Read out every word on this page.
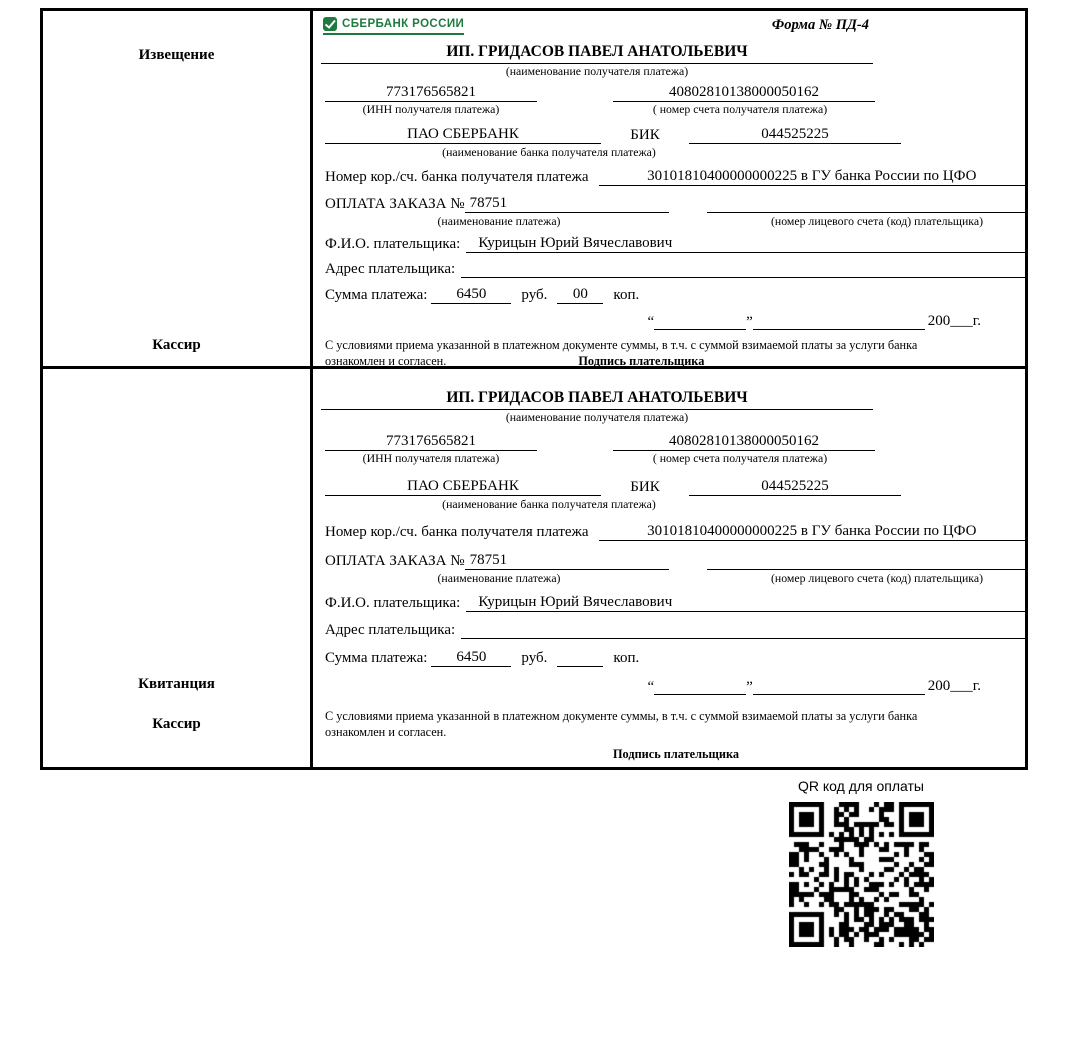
Извещение
Кассир
СБЕРБАНК РОССИИ	Форма № ПД-4
ИП. ГРИДАСОВ ПАВЕЛ АНАТОЛЬЕВИЧ
(наименование получателя платежа)
773176565821	40802810138000050162
(ИНН получателя платежа)	( номер счета получателя платежа)
ПАО СБЕРБАНК	БИК	044525225
(наименование банка получателя платежа)
Номер кор./сч. банка получателя платежа	30101810400000000225 в ГУ банка России по ЦФО
ОПЛАТА ЗАКАЗА № 78751
(наименование платежа)	(номер лицевого счета (код) плательщика)
Ф.И.О. плательщика:	Курицын Юрий Вячеславович
Адрес плательщика:
Сумма платежа:	6450	руб.	00	коп.
“	”	200___г.
С условиями приема указанной в платежном документе суммы, в т.ч. с суммой взимаемой платы за услуги банка
ознакомлен и согласен.	Подпись плательщика
Квитанция
Кассир
ИП. ГРИДАСОВ ПАВЕЛ АНАТОЛЬЕВИЧ
(наименование получателя платежа)
773176565821	40802810138000050162
(ИНН получателя платежа)	( номер счета получателя платежа)
ПАО СБЕРБАНК	БИК	044525225
(наименование банка получателя платежа)
Номер кор./сч. банка получателя платежа	30101810400000000225 в ГУ банка России по ЦФО
ОПЛАТА ЗАКАЗА № 78751
(наименование платежа)	(номер лицевого счета (код) плательщика)
Ф.И.О. плательщика:	Курицын Юрий Вячеславович
Адрес плательщика:
Сумма платежа:	6450	руб.	коп.
“	”	200___г.
С условиями приема указанной в платежном документе суммы, в т.ч. с суммой взимаемой платы за услуги банка
ознакомлен и согласен.
Подпись плательщика
QR код для оплаты
